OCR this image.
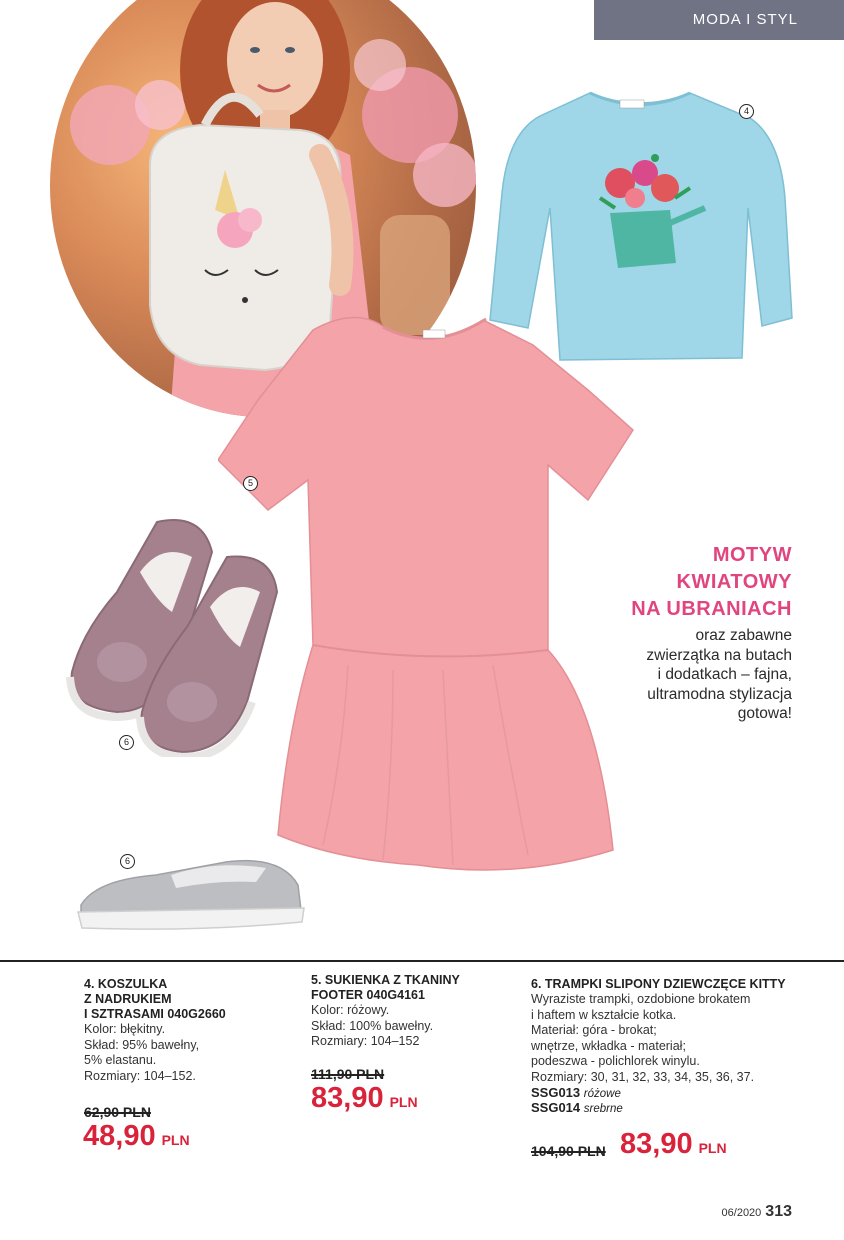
MODA I STYL
4
5
6
6
MOTYW
KWIATOWY
NA UBRANIACH
oraz zabawne
zwierzątka na butach
i dodatkach – fajna,
ultramodna stylizacja
gotowa!
4. KOSZULKA
Z NADRUKIEM
I SZTRASAMI 040G2660
Kolor: błękitny.
Skład: 95% bawełny,
5% elastanu.
Rozmiary: 104–152.
62,90 PLN
48,90 PLN
5. SUKIENKA Z TKANINY
FOOTER 040G4161
Kolor: różowy.
Skład: 100% bawełny.
Rozmiary: 104–152
111,90 PLN
83,90 PLN
6. TRAMPKI SLIPONY DZIEWCZĘCE KITTY
Wyraziste trampki, ozdobione brokatem
i haftem w kształcie kotka.
Materiał: góra - brokat;
wnętrze, wkładka - materiał;
podeszwa - polichlorek winylu.
Rozmiary: 30, 31, 32, 33, 34, 35, 36, 37.
SSG013 różowe
SSG014 srebrne
104,90 PLN 83,90 PLN
06/2020 313
